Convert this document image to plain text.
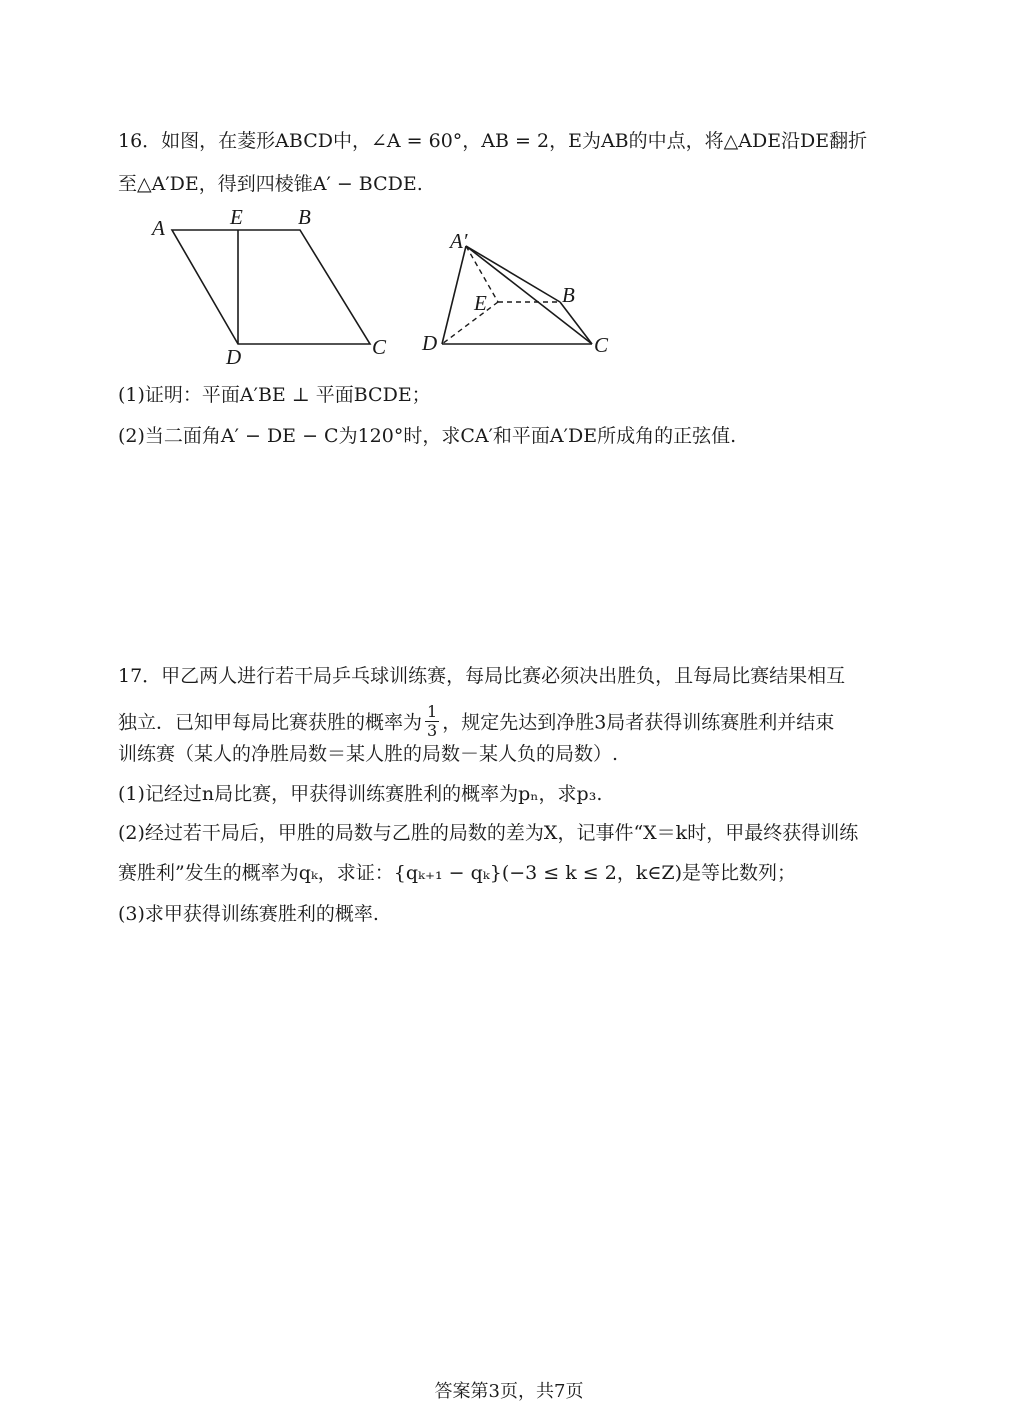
16．如图，在菱形ABCD中，∠A = 60°，AB = 2，E为AB的中点，将△ADE沿DE翻折
至△A′DE，得到四棱锥A′ − BCDE.
A	E	B
D	C
A′
E	B
D	C
(1)证明：平面A′BE ⊥ 平面BCDE；
(2)当二面角A′ − DE − C为120°时，求CA′和平面A′DE所成角的正弦值.
17．甲乙两人进行若干局乒乓球训练赛，每局比赛必须决出胜负，且每局比赛结果相互
独立．已知甲每局比赛获胜的概率为 $\frac{1}{3}$ ，规定先达到净胜3局者获得训练赛胜利并结束
训练赛（某人的净胜局数＝某人胜的局数－某人负的局数）.
(1)记经过n局比赛，甲获得训练赛胜利的概率为pₙ，求p₃.
(2)经过若干局后，甲胜的局数与乙胜的局数的差为X，记事件“X＝k时，甲最终获得训练
赛胜利”发生的概率为qₖ，求证：{qₖ₊₁ − qₖ}(−3 ≤ k ≤ 2，k∈Z)是等比数列；
(3)求甲获得训练赛胜利的概率.
答案第3页，共7页
